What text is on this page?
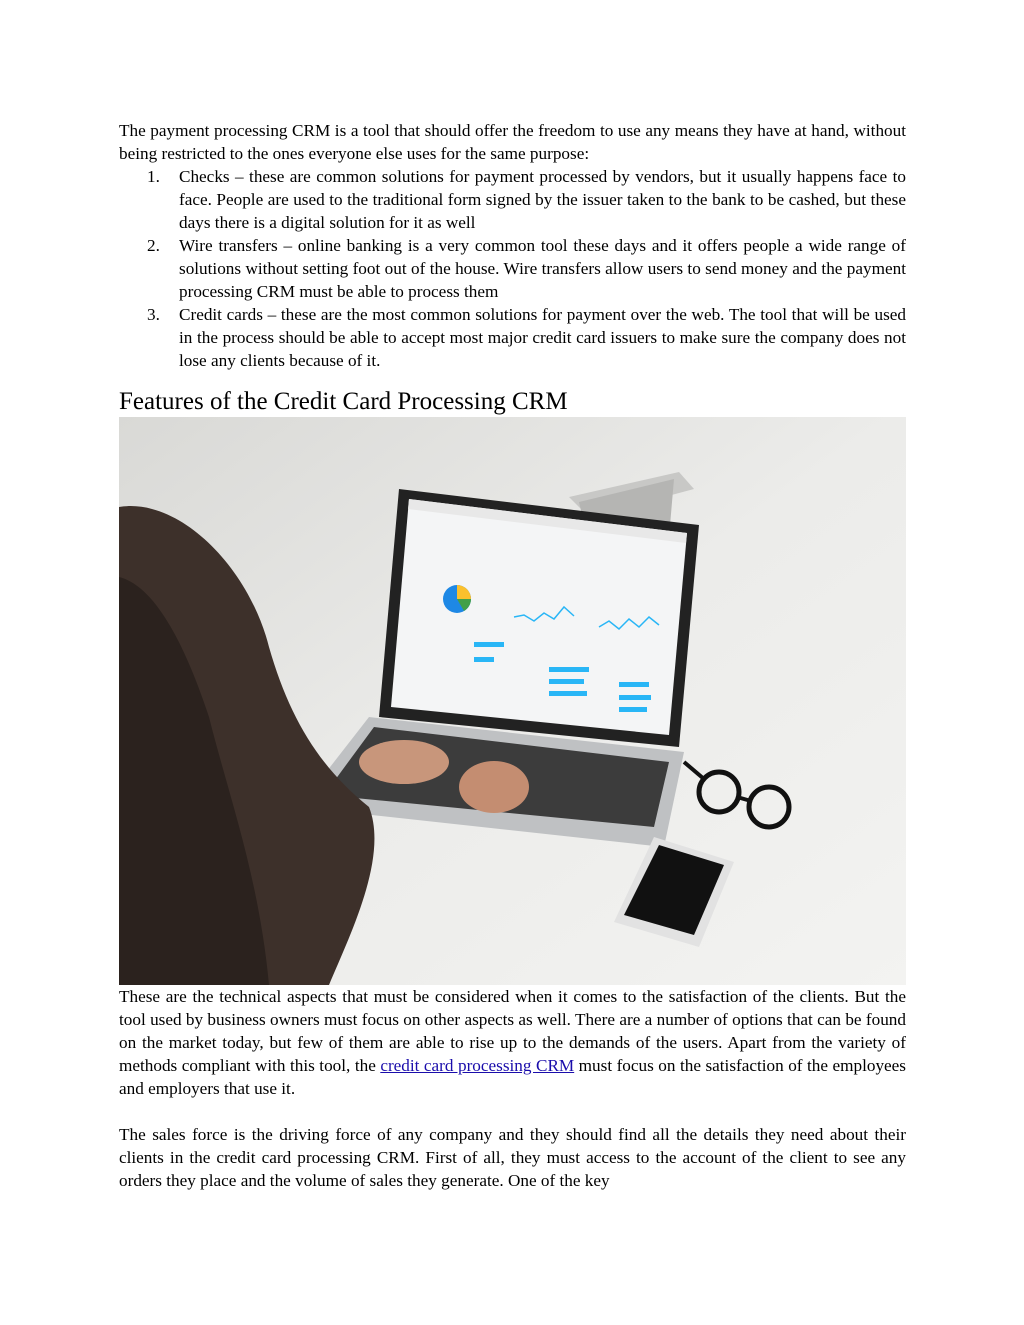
The payment processing CRM is a tool that should offer the freedom to use any means they have at hand, without being restricted to the ones everyone else uses for the same purpose:

1. Checks – these are common solutions for payment processed by vendors, but it usually happens face to face. People are used to the traditional form signed by the issuer taken to the bank to be cashed, but these days there is a digital solution for it as well
2. Wire transfers – online banking is a very common tool these days and it offers people a wide range of solutions without setting foot out of the house. Wire transfers allow users to send money and the payment processing CRM must be able to process them
3. Credit cards – these are the most common solutions for payment over the web. The tool that will be used in the process should be able to accept most major credit card issuers to make sure the company does not lose any clients because of it.
Features of the Credit Card Processing CRM

These are the technical aspects that must be considered when it comes to the satisfaction of the clients. But the tool used by business owners must focus on other aspects as well. There are a number of options that can be found on the market today, but few of them are able to rise up to the demands of the users. Apart from the variety of methods compliant with this tool, the credit card processing CRM must focus on the satisfaction of the employees and employers that use it.

The sales force is the driving force of any company and they should find all the details they need about their clients in the credit card processing CRM. First of all, they must access to the account of the client to see any orders they place and the volume of sales they generate. One of the key
